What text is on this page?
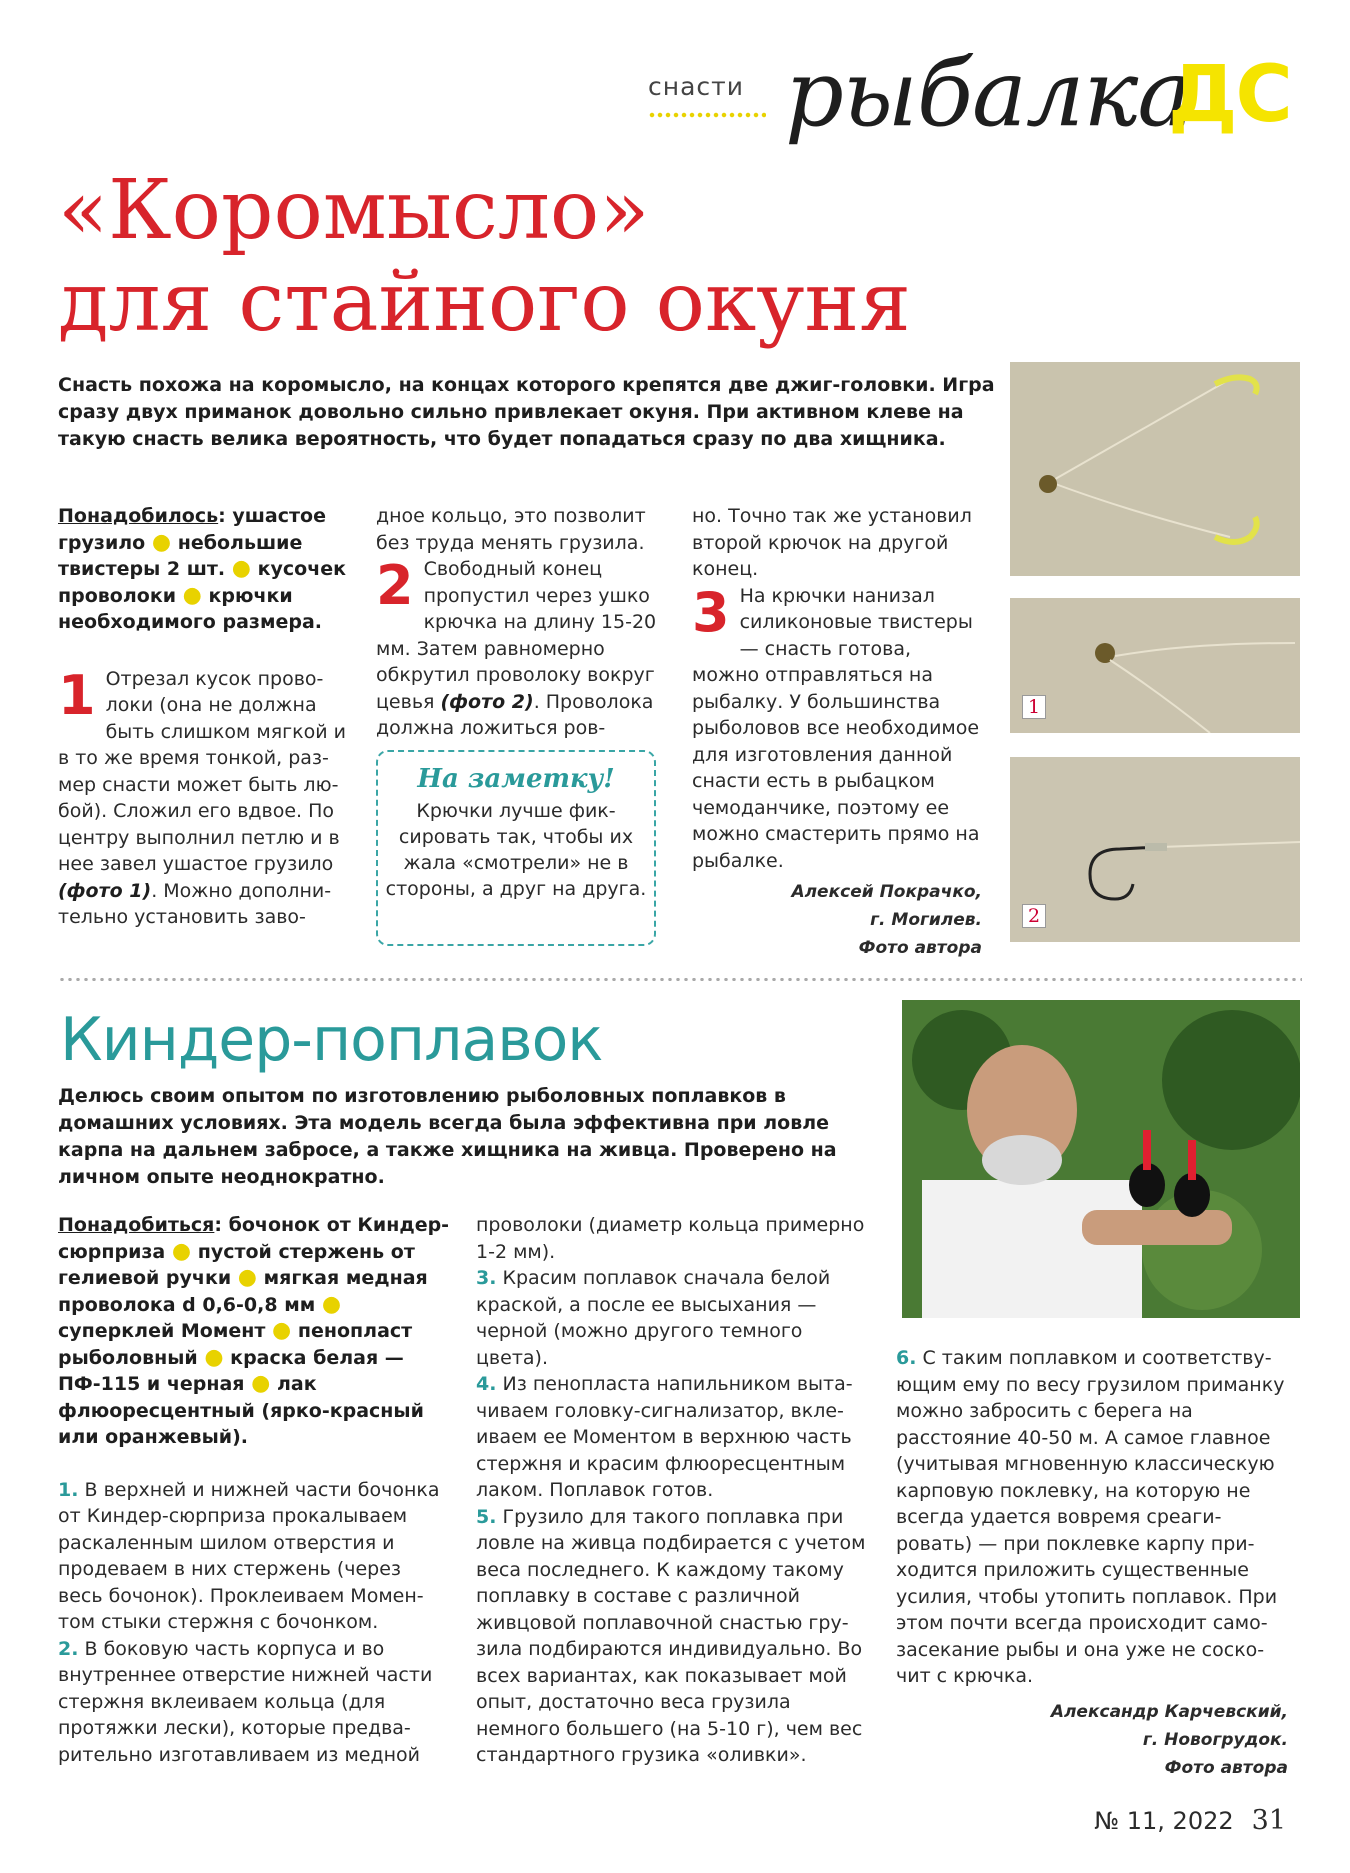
снасти рыбалка
ДС
«Коромысло»
для стайного окуня
Снасть похожа на коромысло, на концах которого крепятся две джиг-головки. Игра сразу двух приманок довольно сильно привлекает окуня. При активном клеве на такую снасть велика вероятность, что будет попадаться сразу по два хищника.
Понадобилось: ушастое грузило ● небольшие твистеры 2 шт. ● кусочек проволоки ● крючки необходимого размера.
1 Отрезал кусок проволоки (она не должна быть слишком мягкой и в то же время тонкой, размер снасти может быть любой). Сложил его вдвое. По центру выполнил петлю и в нее завел ушастое грузило (фото 1). Можно дополнительно установить заво-
дное кольцо, это позволит без труда менять грузила.
2 Свободный конец пропустил через ушко крючка на длину 15-20 мм. Затем равномерно обкрутил проволоку вокруг цевья (фото 2). Проволока должна ложиться ров-
На заметку!
Крючки лучше фиксировать так, чтобы их жала «смотрели» не в стороны, а друг на друга.
но. Точно так же установил второй крючок на другой конец.
3 На крючки нанизал силиконовые твистеры — снасть готова, можно отправляться на рыбалку. У большинства рыболовов все необходимое для изготовления данной снасти есть в рыбацком чемоданчике, поэтому ее можно смастерить прямо на рыбалке.
Алексей Покрачко,
г. Могилев.
Фото автора
1
2
Киндер-поплавок
Делюсь своим опытом по изготовлению рыболовных поплавков в домашних условиях. Эта модель всегда была эффективна при ловле карпа на дальнем забросе, а также хищника на живца. Проверено на личном опыте неоднократно.
Понадобиться: бочонок от Киндер-сюрприза ● пустой стержень от гелиевой ручки ● мягкая медная проволока d 0,6-0,8 мм ● суперклей Момент ● пенопласт рыболовный ● краска белая — ПФ-115 и черная ● лак флюоресцентный (ярко-красный или оранжевый).
1. В верхней и нижней части бочонка от Киндер-сюрприза прокалываем раскаленным шилом отверстия и продеваем в них стержень (через весь бочонок). Проклеиваем Моментом стыки стержня с бочонком.
2. В боковую часть корпуса и во внутреннее отверстие нижней части стержня вклеиваем кольца (для протяжки лески), которые предварительно изготавливаем из медной
проволоки (диаметр кольца примерно 1-2 мм).
3. Красим поплавок сначала белой краской, а после ее высыхания — черной (можно другого темного цвета).
4. Из пенопласта напильником вытачиваем головку-сигнализатор, вклеиваем ее Моментом в верхнюю часть стержня и красим флюоресцентным лаком. Поплавок готов.
5. Грузило для такого поплавка при ловле на живца подбирается с учетом веса последнего. К каждому такому поплавку в составе с различной живцовой поплавочной снастью грузила подбираются индивидуально. Во всех вариантах, как показывает мой опыт, достаточно веса грузила немного большего (на 5-10 г), чем вес стандартного грузика «оливки».
6. С таким поплавком и соответствующим ему по весу грузилом приманку можно забросить с берега на расстояние 40-50 м. А самое главное (учитывая мгновенную классическую карповую поклевку, на которую не всегда удается вовремя среагировать) — при поклевке карпу приходится приложить существенные усилия, чтобы утопить поплавок. При этом почти всегда происходит самозасекание рыбы и она уже не соскочит с крючка.
Александр Карчевский,
г. Новогрудок.
Фото автора
№ 11, 2022 31
